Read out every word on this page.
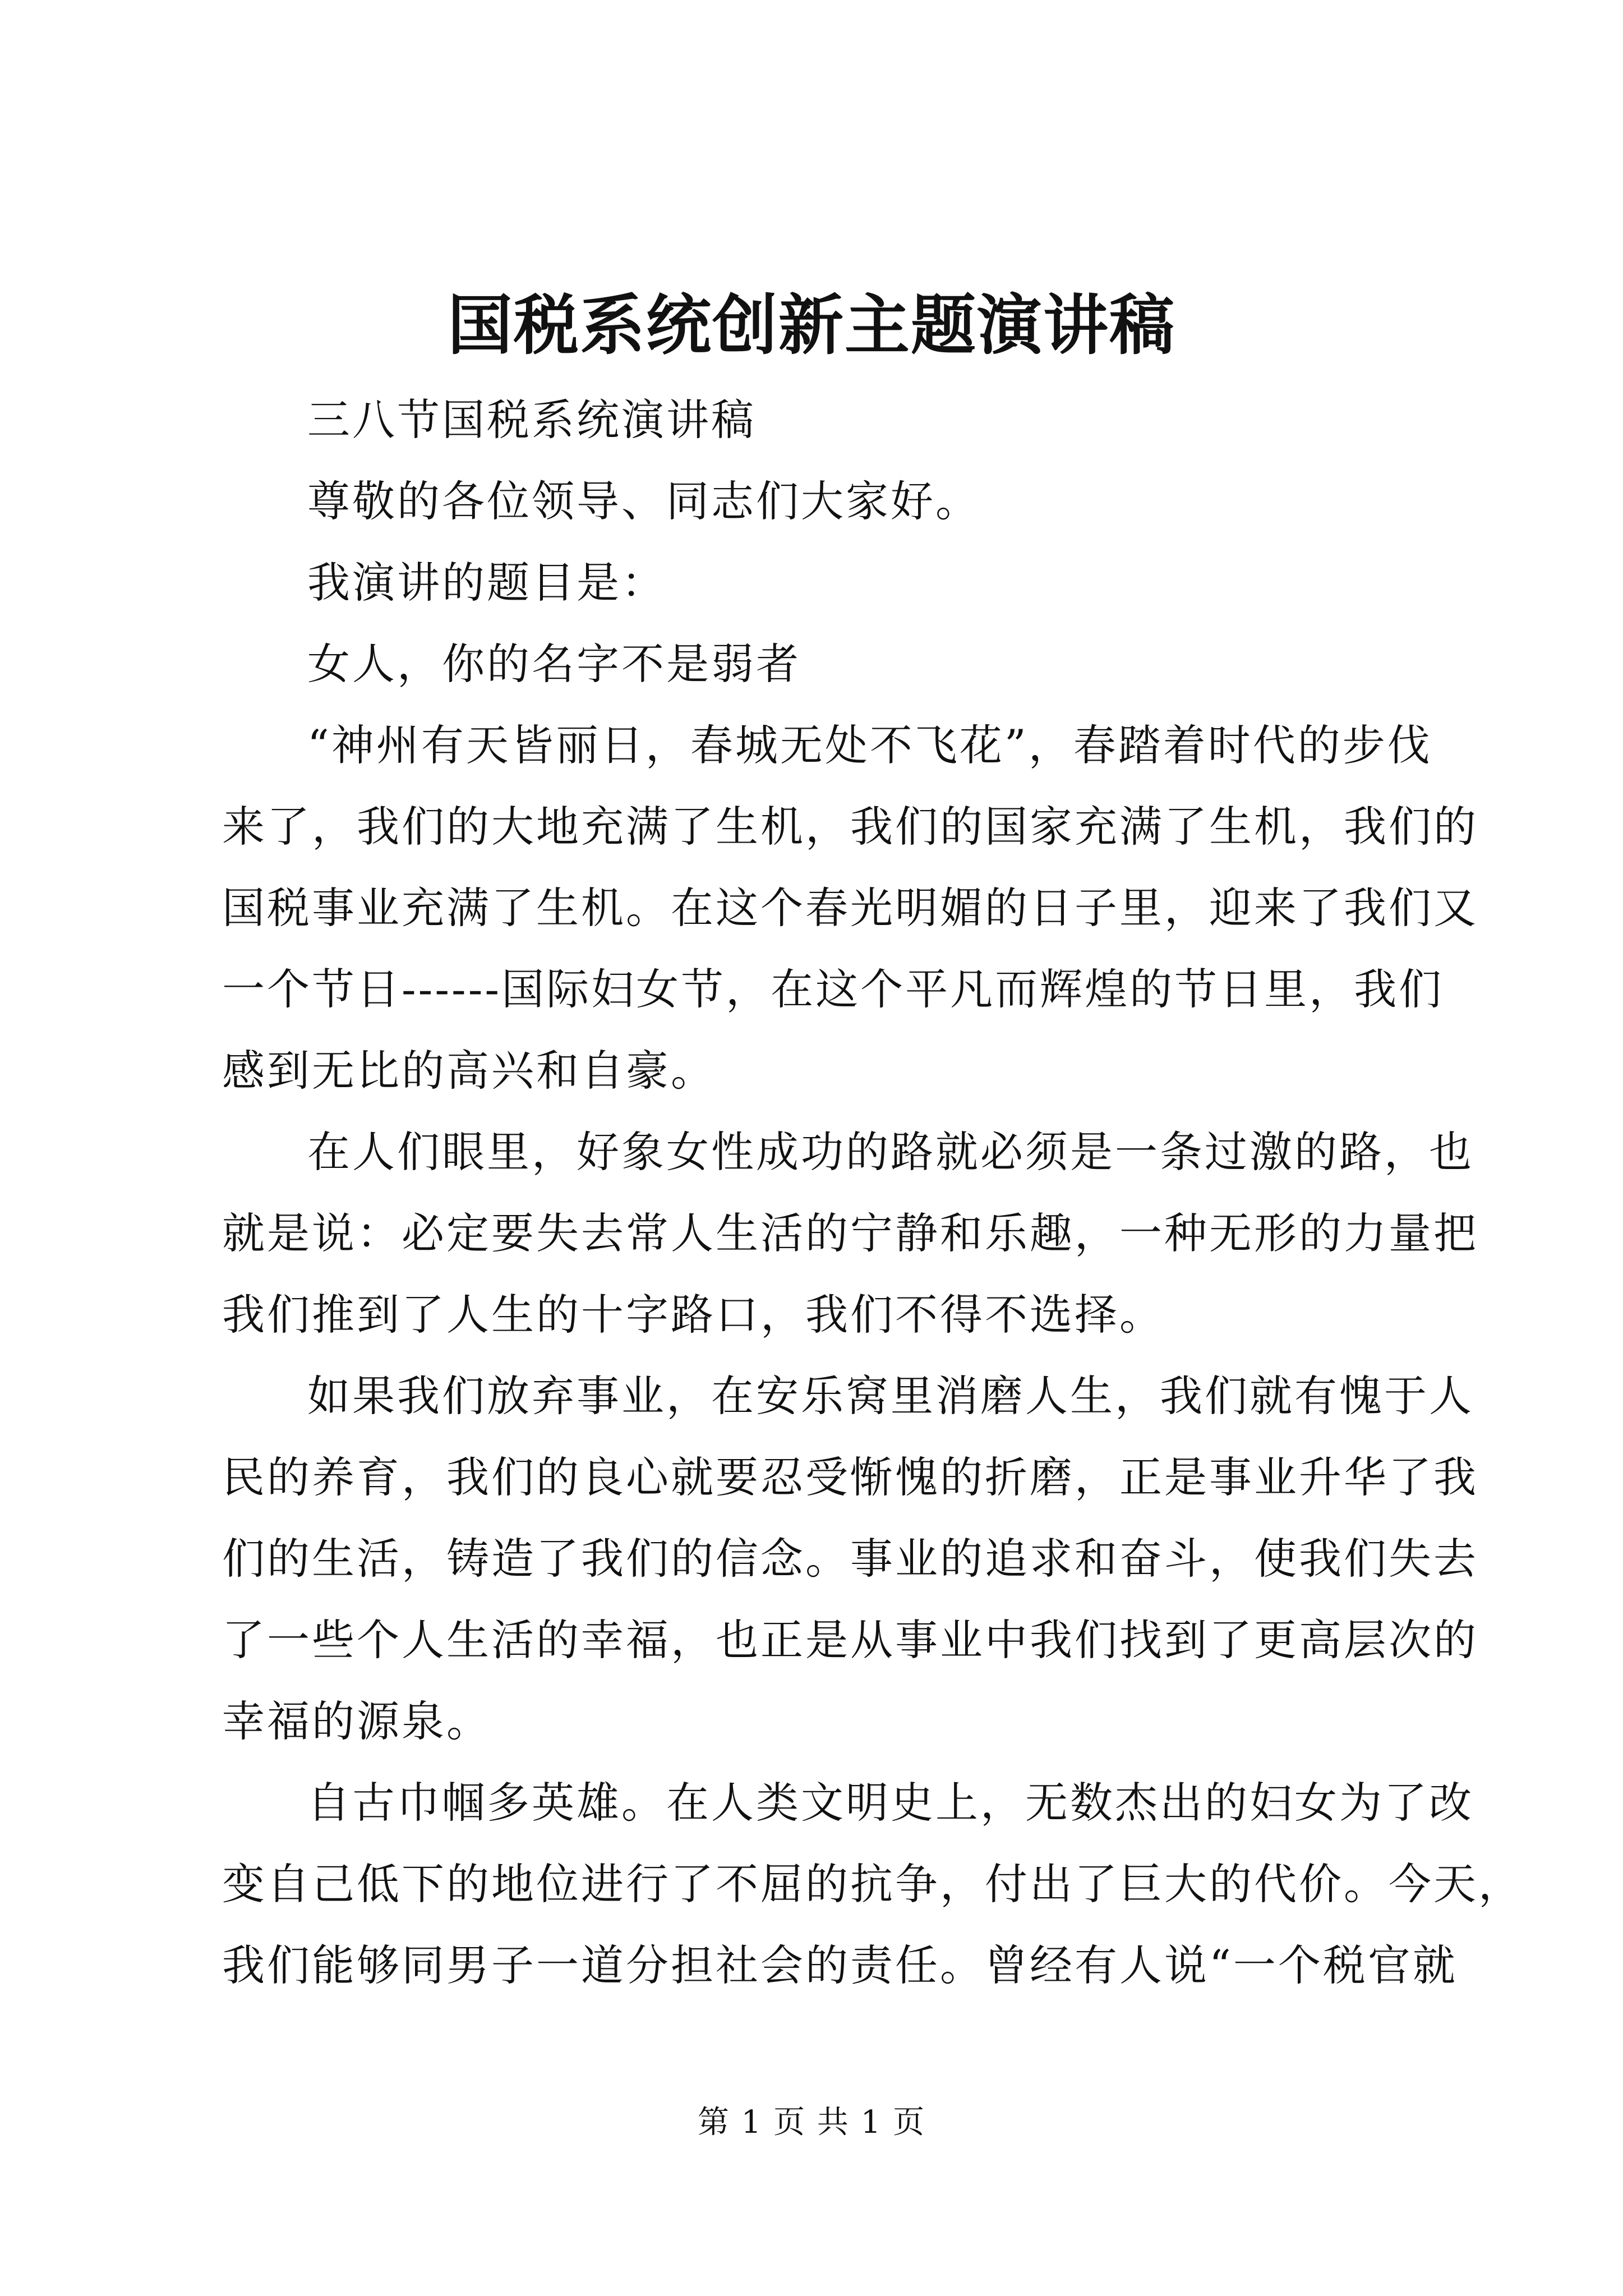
国税系统创新主题演讲稿
三八节国税系统演讲稿
尊敬的各位领导、同志们大家好。
我演讲的题目是：
女人，你的名字不是弱者
“神州有天皆丽日，春城无处不飞花”，春踏着时代的步伐
来了，我们的大地充满了生机，我们的国家充满了生机，我们的
国税事业充满了生机。在这个春光明媚的日子里，迎来了我们又
一个节日------国际妇女节，在这个平凡而辉煌的节日里，我们
感到无比的高兴和自豪。
在人们眼里，好象女性成功的路就必须是一条过激的路，也
就是说：必定要失去常人生活的宁静和乐趣，一种无形的力量把
我们推到了人生的十字路口，我们不得不选择。
如果我们放弃事业，在安乐窝里消磨人生，我们就有愧于人
民的养育，我们的良心就要忍受惭愧的折磨，正是事业升华了我
们的生活，铸造了我们的信念。事业的追求和奋斗，使我们失去
了一些个人生活的幸福，也正是从事业中我们找到了更高层次的
幸福的源泉。
自古巾帼多英雄。在人类文明史上，无数杰出的妇女为了改
变自己低下的地位进行了不屈的抗争，付出了巨大的代价。今天，
我们能够同男子一道分担社会的责任。曾经有人说“一个税官就
第 1 页 共 1 页
